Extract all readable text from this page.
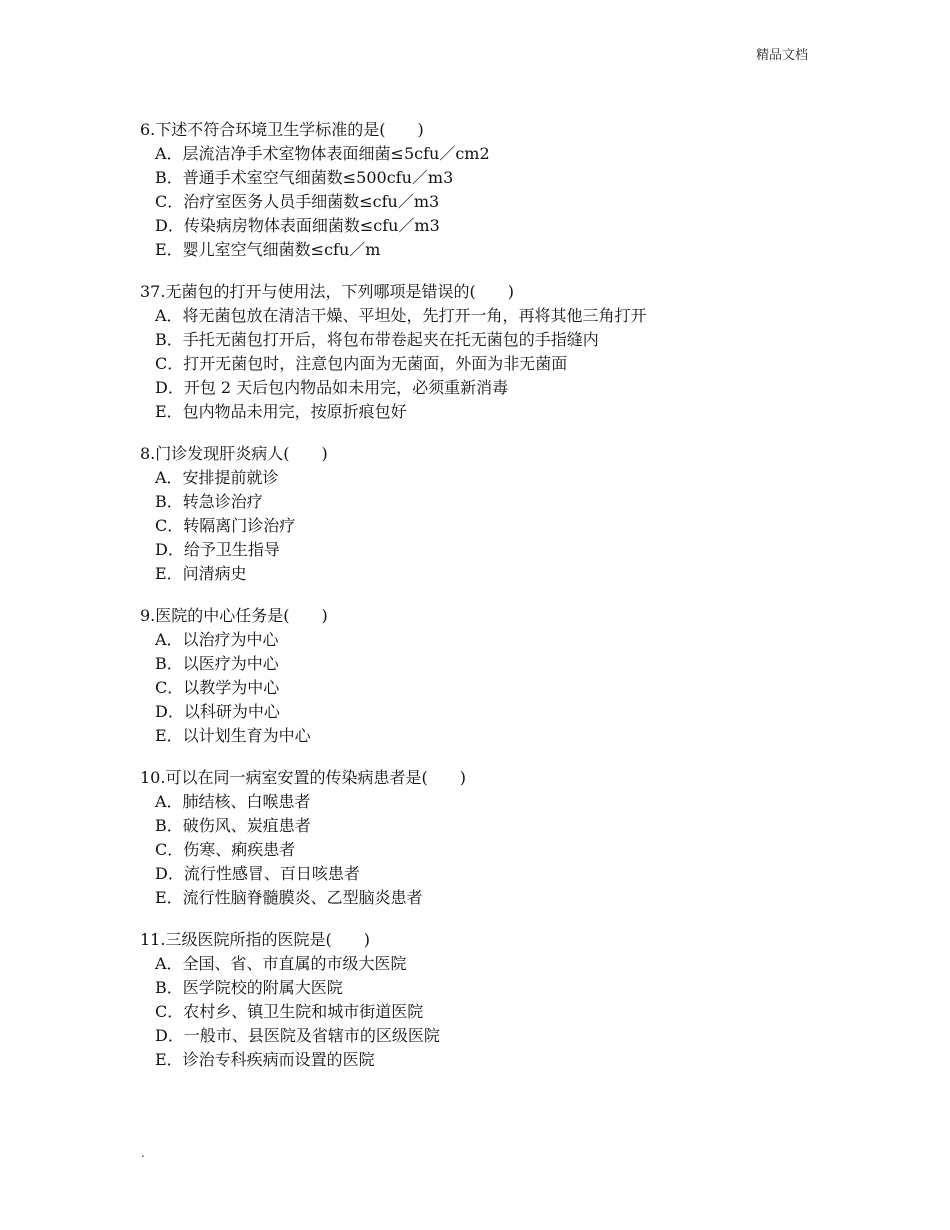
精品文档
6.下述不符合环境卫生学标准的是(　　)
A．层流洁净手术室物体表面细菌≤5cfu／cm2
B．普通手术室空气细菌数≤500cfu／m3
C．治疗室医务人员手细菌数≤cfu／m3
D．传染病房物体表面细菌数≤cfu／m3
E．婴儿室空气细菌数≤cfu／m
37.无菌包的打开与使用法，下列哪项是错误的(　　)
A．将无菌包放在清洁干燥、平坦处，先打开一角，再将其他三角打开
B．手托无菌包打开后，将包布带卷起夹在托无菌包的手指缝内
C．打开无菌包时，注意包内面为无菌面，外面为非无菌面
D．开包 2 天后包内物品如未用完，必须重新消毒
E．包内物品未用完，按原折痕包好
8.门诊发现肝炎病人(　　)
A．安排提前就诊
B．转急诊治疗
C．转隔离门诊治疗
D．给予卫生指导
E．问清病史
9.医院的中心任务是(　　)
A．以治疗为中心
B．以医疗为中心
C．以教学为中心
D．以科研为中心
E．以计划生育为中心
10.可以在同一病室安置的传染病患者是(　　)
A．肺结核、白喉患者
B．破伤风、炭疽患者
C．伤寒、痢疾患者
D．流行性感冒、百日咳患者
E．流行性脑脊髓膜炎、乙型脑炎患者
11.三级医院所指的医院是(　　)
A．全国、省、市直属的市级大医院
B．医学院校的附属大医院
C．农村乡、镇卫生院和城市街道医院
D．一般市、县医院及省辖市的区级医院
E．诊治专科疾病而设置的医院
.
